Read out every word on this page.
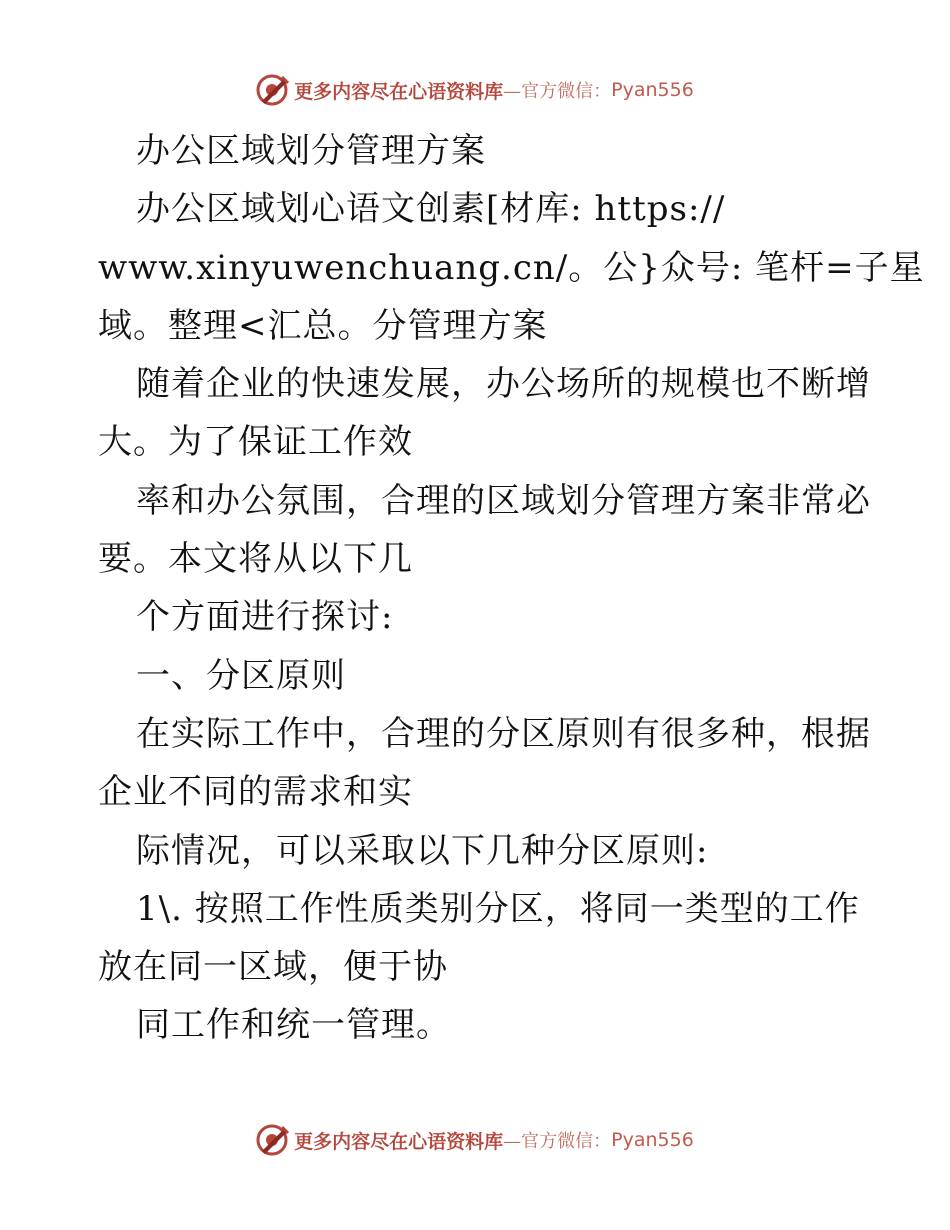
更多内容尽在心语资料库 —官方微信： Pyan556
办公区域划分管理方案
办公区域划心语文创素[材库: https://
www.xinyuwenchuang.cn/。公}众号: 笔杆=子星
域。整理<汇总。分管理方案
随着企业的快速发展，办公场所的规模也不断增
大。为了保证工作效
率和办公氛围，合理的区域划分管理方案非常必
要。本文将从以下几
个方面进行探讨:
一、分区原则
在实际工作中，合理的分区原则有很多种，根据
企业不同的需求和实
际情况，可以采取以下几种分区原则:
1\. 按照工作性质类别分区，将同一类型的工作
放在同一区域，便于协
同工作和统一管理。
更多内容尽在心语资料库 —官方微信： Pyan556
